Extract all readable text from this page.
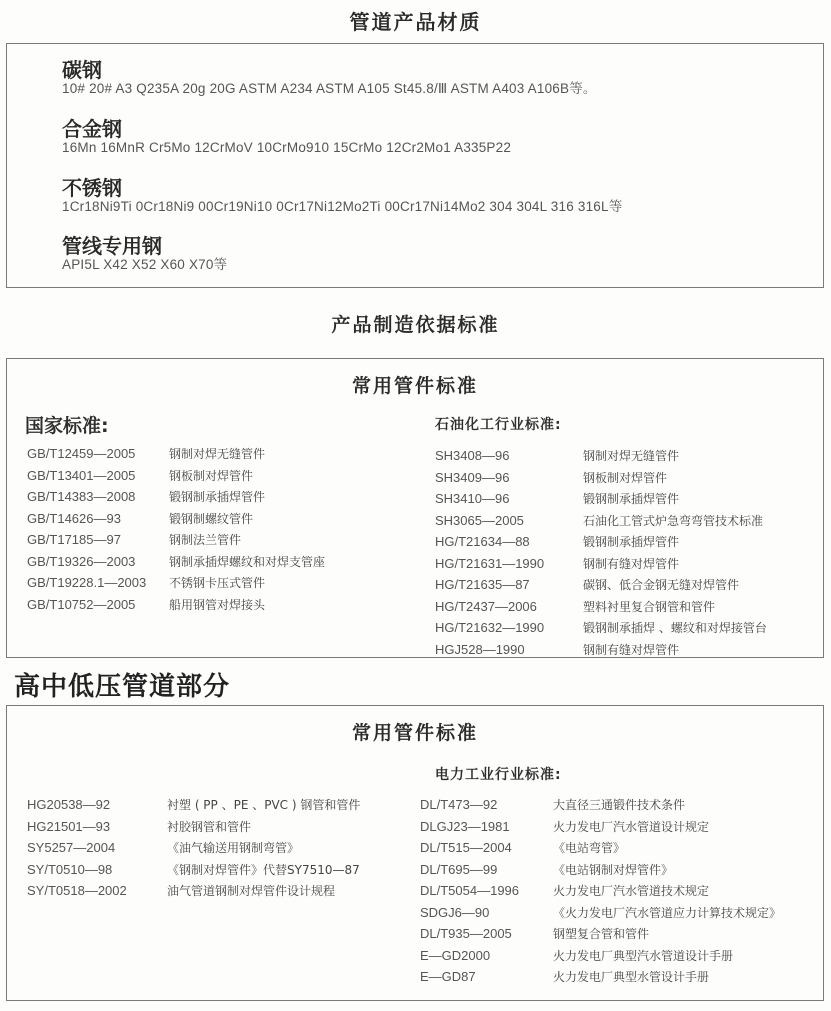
管道产品材质
碳钢
10# 20# A3 Q235A 20g 20G ASTM A234 ASTM A105 St45.8/Ⅲ ASTM A403 A106B等。
合金钢
16Mn 16MnR Cr5Mo 12CrMoV 10CrMo910 15CrMo 12Cr2Mo1 A335P22
不锈钢
1Cr18Ni9Ti 0Cr18Ni9 00Cr19Ni10 0Cr17Ni12Mo2Ti 00Cr17Ni14Mo2 304 304L 316 316L等
管线专用钢
API5L X42 X52 X60 X70等
产品制造依据标准
常用管件标准
国家标准:
GB/T12459—2005	钢制对焊无缝管件
GB/T13401—2005	钢板制对焊管件
GB/T14383—2008	锻钢制承插焊管件
GB/T14626—93	锻钢制螺纹管件
GB/T17185—97	钢制法兰管件
GB/T19326—2003	钢制承插焊螺纹和对焊支管座
GB/T19228.1—2003	不锈钢卡压式管件
GB/T10752—2005	船用钢管对焊接头
石油化工行业标准:
SH3408—96	钢制对焊无缝管件
SH3409—96	钢板制对焊管件
SH3410—96	锻钢制承插焊管件
SH3065—2005	石油化工管式炉急弯弯管技术标准
HG/T21634—88	锻钢制承插焊管件
HG/T21631—1990	钢制有缝对焊管件
HG/T21635—87	碳钢、低合金钢无缝对焊管件
HG/T2437—2006	塑料衬里复合钢管和管件
HG/T21632—1990	锻钢制承插焊 、螺纹和对焊接管台
HGJ528—1990	钢制有缝对焊管件
高中低压管道部分
常用管件标准
HG20538—92	衬塑 ( PP 、PE 、PVC ) 钢管和管件
HG21501—93	衬胶钢管和管件
SY5257—2004	《油气输送用钢制弯管》
SY/T0510—98	《钢制对焊管件》代替SY7510—87
SY/T0518—2002	油气管道钢制对焊管件设计规程
电力工业行业标准:
DL/T473—92	大直径三通锻件技术条件
DLGJ23—1981	火力发电厂汽水管道设计规定
DL/T515—2004	《电站弯管》
DL/T695—99	《电站钢制对焊管件》
DL/T5054—1996	火力发电厂汽水管道技术规定
SDGJ6—90	《火力发电厂汽水管道应力计算技术规定》
DL/T935—2005	钢塑复合管和管件
E—GD2000	火力发电厂典型汽水管道设计手册
E—GD87	火力发电厂典型水管设计手册
